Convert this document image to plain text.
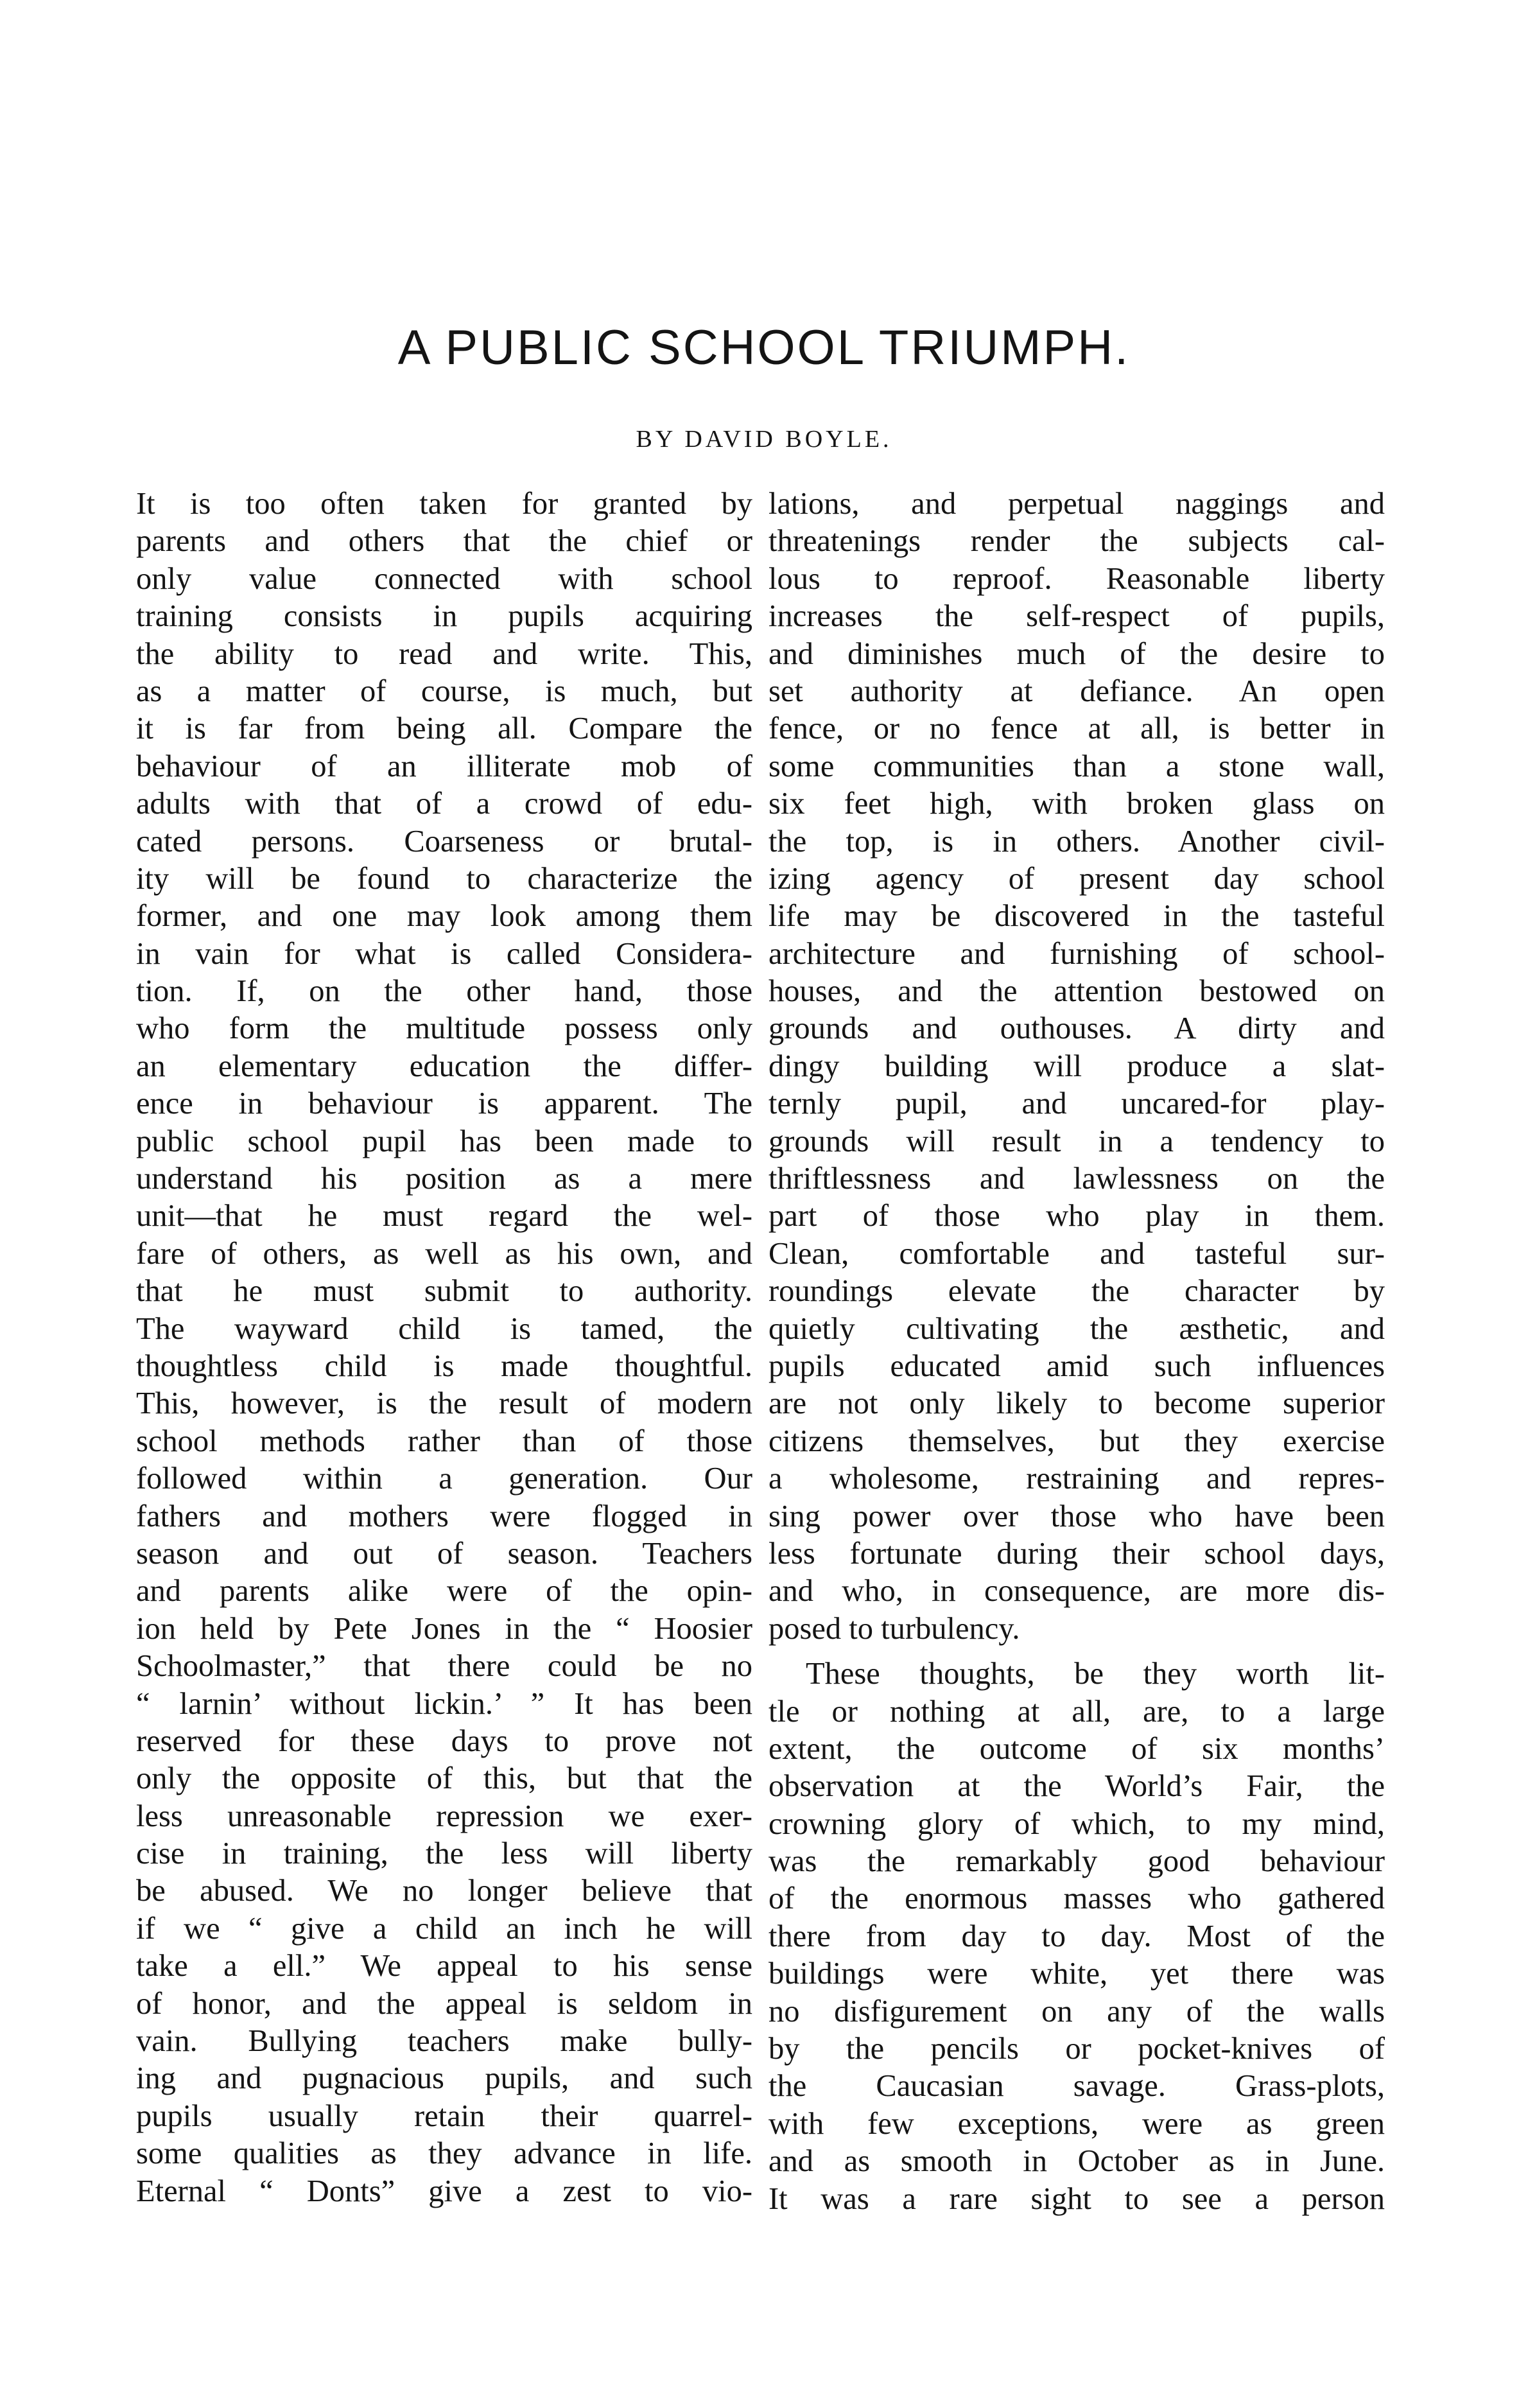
A PUBLIC SCHOOL TRIUMPH.

BY DAVID BOYLE.

It is too often taken for granted by
parents and others that the chief or
only value connected with school
training consists in pupils acquiring
the ability to read and write. This,
as a matter of course, is much, but
it is far from being all. Compare the
behaviour of an illiterate mob of
adults with that of a crowd of edu-
cated persons. Coarseness or brutal-
ity will be found to characterize the
former, and one may look among them
in vain for what is called Considera-
tion. If, on the other hand, those
who form the multitude possess only
an elementary education the differ-
ence in behaviour is apparent. The
public school pupil has been made to
understand his position as a mere
unit—that he must regard the wel-
fare of others, as well as his own, and
that he must submit to authority.
The wayward child is tamed, the
thoughtless child is made thoughtful.
This, however, is the result of modern
school methods rather than of those
followed within a generation. Our
fathers and mothers were flogged in
season and out of season. Teachers
and parents alike were of the opin-
ion held by Pete Jones in the “ Hoosier
Schoolmaster,” that there could be no
“ larnin’ without lickin.’ ” It has been
reserved for these days to prove not
only the opposite of this, but that the
less unreasonable repression we exer-
cise in training, the less will liberty
be abused. We no longer believe that
if we “ give a child an inch he will
take a ell.” We appeal to his sense
of honor, and the appeal is seldom in
vain. Bullying teachers make bully-
ing and pugnacious pupils, and such
pupils usually retain their quarrel-
some qualities as they advance in life.
Eternal “ Donts” give a zest to vio-
lations, and perpetual naggings and
threatenings render the subjects cal-
lous to reproof. Reasonable liberty
increases the self-respect of pupils,
and diminishes much of the desire to
set authority at defiance. An open
fence, or no fence at all, is better in
some communities than a stone wall,
six feet high, with broken glass on
the top, is in others. Another civil-
izing agency of present day school
life may be discovered in the tasteful
architecture and furnishing of school-
houses, and the attention bestowed on
grounds and outhouses. A dirty and
dingy building will produce a slat-
ternly pupil, and uncared-for play-
grounds will result in a tendency to
thriftlessness and lawlessness on the
part of those who play in them.
Clean, comfortable and tasteful sur-
roundings elevate the character by
quietly cultivating the æsthetic, and
pupils educated amid such influences
are not only likely to become superior
citizens themselves, but they exercise
a wholesome, restraining and repres-
sing power over those who have been
less fortunate during their school days,
and who, in consequence, are more dis-
posed to turbulency.
These thoughts, be they worth lit-
tle or nothing at all, are, to a large
extent, the outcome of six months’
observation at the World’s Fair, the
crowning glory of which, to my mind,
was the remarkably good behaviour
of the enormous masses who gathered
there from day to day. Most of the
buildings were white, yet there was
no disfigurement on any of the walls
by the pencils or pocket-knives of
the Caucasian savage. Grass-plots,
with few exceptions, were as green
and as smooth in October as in June.
It was a rare sight to see a person
